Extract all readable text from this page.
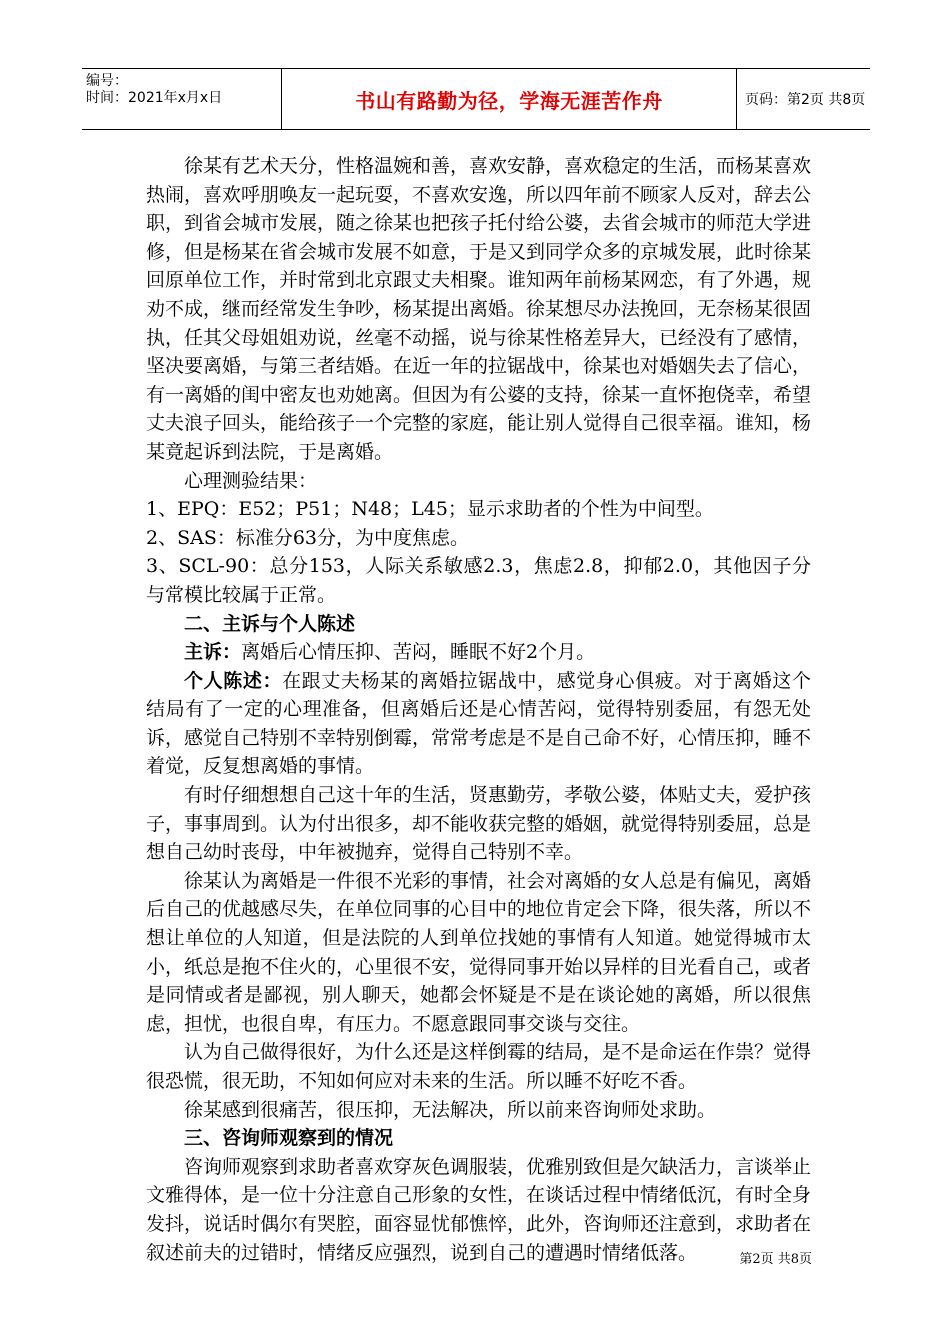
编号：
时间：2021年x月x日	书山有路勤为径，学海无涯苦作舟	页码：第2页 共8页

徐某有艺术天分，性格温婉和善，喜欢安静，喜欢稳定的生活，而杨某喜欢热闹，喜欢呼朋唤友一起玩耍，不喜欢安逸，所以四年前不顾家人反对，辞去公职，到省会城市发展，随之徐某也把孩子托付给公婆，去省会城市的师范大学进修，但是杨某在省会城市发展不如意，于是又到同学众多的京城发展，此时徐某回原单位工作，并时常到北京跟丈夫相聚。谁知两年前杨某网恋，有了外遇，规劝不成，继而经常发生争吵，杨某提出离婚。徐某想尽办法挽回，无奈杨某很固执，任其父母姐姐劝说，丝毫不动摇，说与徐某性格差异大，已经没有了感情，坚决要离婚，与第三者结婚。在近一年的拉锯战中，徐某也对婚姻失去了信心，有一离婚的闺中密友也劝她离。但因为有公婆的支持，徐某一直怀抱侥幸，希望丈夫浪子回头，能给孩子一个完整的家庭，能让别人觉得自己很幸福。谁知，杨某竟起诉到法院，于是离婚。

心理测验结果：

1、EPQ：E52；P51；N48；L45；显示求助者的个性为中间型。

2、SAS：标准分63分，为中度焦虑。

3、SCL-90：总分153，人际关系敏感2.3，焦虑2.8，抑郁2.0，其他因子分与常模比较属于正常。

二、主诉与个人陈述

主诉：离婚后心情压抑、苦闷，睡眠不好2个月。

个人陈述：在跟丈夫杨某的离婚拉锯战中，感觉身心俱疲。对于离婚这个结局有了一定的心理准备，但离婚后还是心情苦闷，觉得特别委屈，有怨无处诉，感觉自己特别不幸特别倒霉，常常考虑是不是自己命不好，心情压抑，睡不着觉，反复想离婚的事情。

有时仔细想想自己这十年的生活，贤惠勤劳，孝敬公婆，体贴丈夫，爱护孩子，事事周到。认为付出很多，却不能收获完整的婚姻，就觉得特别委屈，总是想自己幼时丧母，中年被抛弃，觉得自己特别不幸。

徐某认为离婚是一件很不光彩的事情，社会对离婚的女人总是有偏见，离婚后自己的优越感尽失，在单位同事的心目中的地位肯定会下降，很失落，所以不想让单位的人知道，但是法院的人到单位找她的事情有人知道。她觉得城市太小，纸总是抱不住火的，心里很不安，觉得同事开始以异样的目光看自己，或者是同情或者是鄙视，别人聊天，她都会怀疑是不是在谈论她的离婚，所以很焦虑，担忧，也很自卑，有压力。不愿意跟同事交谈与交往。

认为自己做得很好，为什么还是这样倒霉的结局，是不是命运在作祟？觉得很恐慌，很无助，不知如何应对未来的生活。所以睡不好吃不香。

徐某感到很痛苦，很压抑，无法解决，所以前来咨询师处求助。

三、咨询师观察到的情况

咨询师观察到求助者喜欢穿灰色调服装，优雅别致但是欠缺活力，言谈举止文雅得体，是一位十分注意自己形象的女性，在谈话过程中情绪低沉，有时全身发抖，说话时偶尔有哭腔，面容显忧郁憔悴，此外，咨询师还注意到，求助者在叙述前夫的过错时，情绪反应强烈，说到自己的遭遇时情绪低落。	第2页 共8页
